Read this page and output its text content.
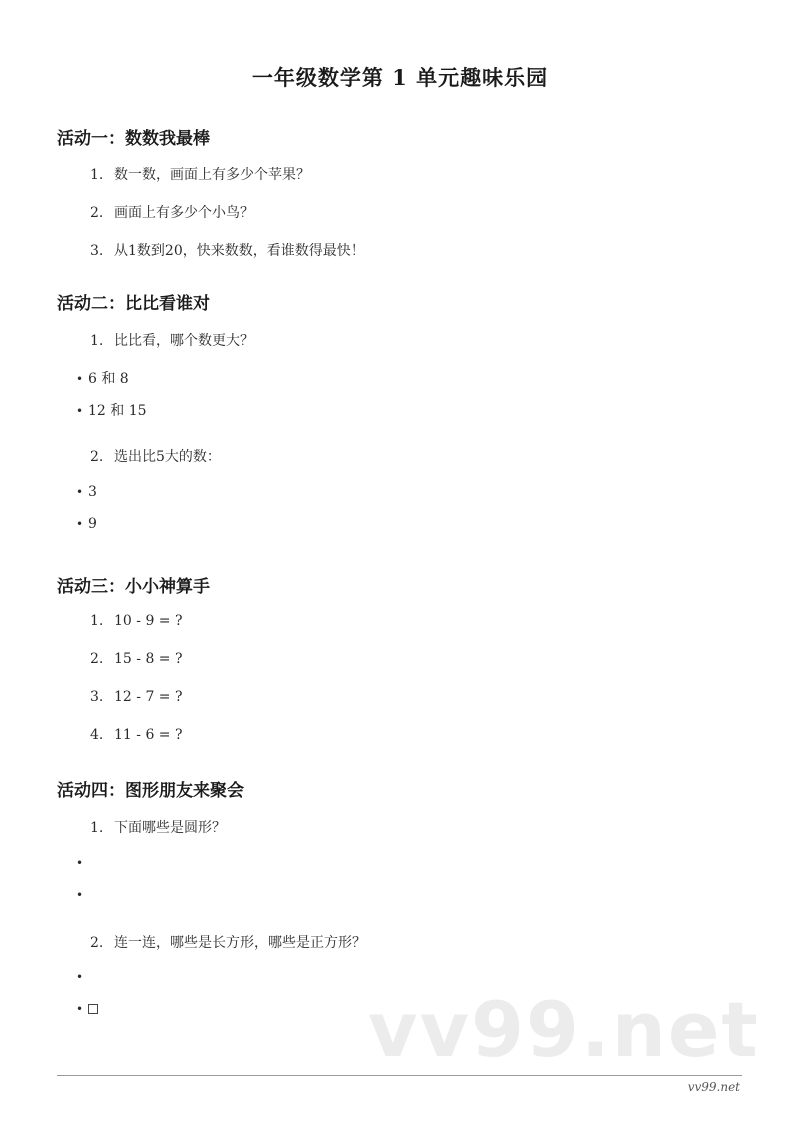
一年级数学第 1 单元趣味乐园
活动一：数数我最棒
1. 数一数，画面上有多少个苹果？
2. 画面上有多少个小鸟？
3. 从1数到20，快来数数，看谁数得最快！
活动二：比比看谁对
1. 比比看，哪个数更大？
• 6 和 8
• 12 和 15
2. 选出比5大的数：
• 3
• 9
活动三：小小神算手
1. 10 - 9 = ?
2. 15 - 8 = ?
3. 12 - 7 = ?
4. 11 - 6 = ?
活动四：图形朋友来聚会
1. 下面哪些是圆形？
•
•
2. 连一连，哪些是长方形，哪些是正方形？
•
•	vv99.net
vv99.net
